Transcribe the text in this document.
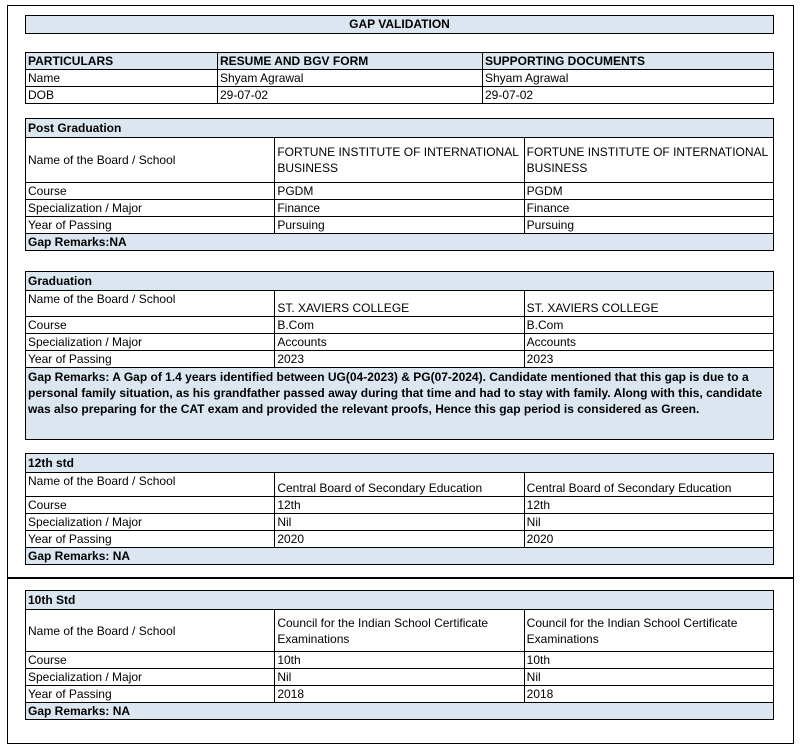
GAP VALIDATION
PARTICULARS	RESUME AND BGV FORM	SUPPORTING DOCUMENTS
Name	Shyam Agrawal	Shyam Agrawal
DOB	29-07-02	29-07-02
Post Graduation		
Name of the Board / School	FORTUNE INSTITUTE OF INTERNATIONAL BUSINESS	FORTUNE INSTITUTE OF INTERNATIONAL BUSINESS
Course	PGDM	PGDM
Specialization / Major	Finance	Finance
Year of Passing	Pursuing	Pursuing
Gap Remarks:NA		
Graduation		
Name of the Board / School	ST. XAVIERS COLLEGE	ST. XAVIERS COLLEGE
Course	B.Com	B.Com
Specialization / Major	Accounts	Accounts
Year of Passing	2023	2023
Gap Remarks: A Gap of 1.4 years identified between UG(04-2023) & PG(07-2024). Candidate mentioned that this gap is due to a personal family situation, as his grandfather passed away during that time and had to stay with family. Along with this, candidate was also preparing for the CAT exam and provided the relevant proofs, Hence this gap period is considered as Green.		
12th std		
Name of the Board / School	Central Board of Secondary Education	Central Board of Secondary Education
Course	12th	12th
Specialization / Major	Nil	Nil
Year of Passing	2020	2020
Gap Remarks: NA		
10th Std		
Name of the Board / School	Council for the Indian School Certificate Examinations	Council for the Indian School Certificate Examinations
Course	10th	10th
Specialization / Major	Nil	Nil
Year of Passing	2018	2018
Gap Remarks: NA		
